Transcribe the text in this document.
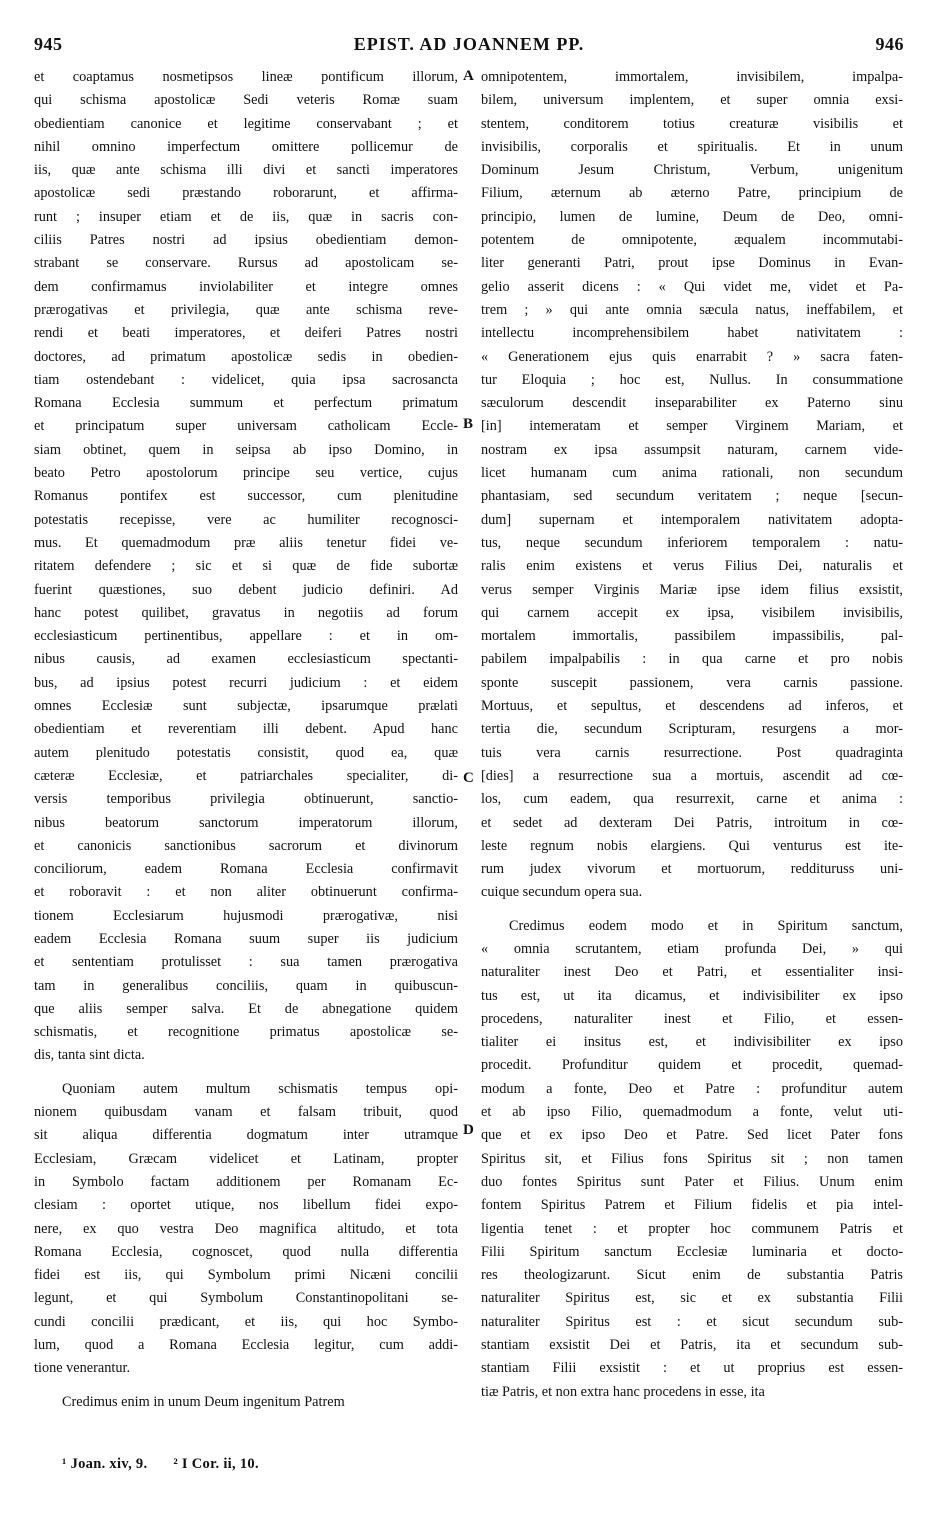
945	EPIST. AD JOANNEM PP.	946
et coaptamus nosmetipsos lineæ pontificum illorum,
qui schisma apostolicæ Sedi veteris Romæ suam
obedientiam canonice et legitime conservabant ; et
nihil omnino imperfectum omittere pollicemur de
iis, quæ ante schisma illi divi et sancti imperatores
apostolicæ sedi præstando roborarunt, et affirma-
runt ; insuper etiam et de iis, quæ in sacris con-
ciliis Patres nostri ad ipsius obedientiam demon-
strabant se conservare. Rursus ad apostolicam se-
dem confirmamus inviolabiliter et integre omnes
prærogativas et privilegia, quæ ante schisma reve-
rendi et beati imperatores, et deiferi Patres nostri
doctores, ad primatum apostolicæ sedis in obedien-
tiam ostendebant : videlicet, quia ipsa sacrosancta
Romana Ecclesia summum et perfectum primatum
et principatum super universam catholicam Eccle-
siam obtinet, quem in seipsa ab ipso Domino, in
beato Petro apostolorum principe seu vertice, cujus
Romanus pontifex est successor, cum plenitudine
potestatis recepisse, vere ac humiliter recognosci-
mus. Et quemadmodum præ aliis tenetur fidei ve-
ritatem defendere ; sic et si quæ de fide subortæ
fuerint quæstiones, suo debent judicio definiri. Ad
hanc potest quilibet, gravatus in negotiis ad forum
ecclesiasticum pertinentibus, appellare : et in om-
nibus causis, ad examen ecclesiasticum spectanti-
bus, ad ipsius potest recurri judicium : et eidem
omnes Ecclesiæ sunt subjectæ, ipsarumque prælati
obedientiam et reverentiam illi debent. Apud hanc
autem plenitudo potestatis consistit, quod ea, quæ
cæteræ Ecclesiæ, et patriarchales specialiter, di-
versis temporibus privilegia obtinuerunt, sanctio-
nibus beatorum sanctorum imperatorum illorum,
et canonicis sanctionibus sacrorum et divinorum
conciliorum, eadem Romana Ecclesia confirmavit
et roboravit : et non aliter obtinuerunt confirma-
tionem Ecclesiarum hujusmodi prærogativæ, nisi
eadem Ecclesia Romana suum super iis judicium
et sententiam protulisset : sua tamen prærogativa
tam in generalibus conciliis, quam in quibuscun-
que aliis semper salva. Et de abnegatione quidem
schismatis, et recognitione primatus apostolicæ se-
dis, tanta sint dicta.
Quoniam autem multum schismatis tempus opi-
nionem quibusdam vanam et falsam tribuit, quod
sit aliqua differentia dogmatum inter utramque
Ecclesiam, Græcam videlicet et Latinam, propter
in Symbolo factam additionem per Romanam Ec-
clesiam : oportet utique, nos libellum fidei expo-
nere, ex quo vestra Deo magnifica altitudo, et tota
Romana Ecclesia, cognoscet, quod nulla differentia
fidei est iis, qui Symbolum primi Nicæni concilii
legunt, et qui Symbolum Constantinopolitani se-
cundi concilii prædicant, et iis, qui hoc Symbo-
lum, quod a Romana Ecclesia legitur, cum addi-
tione venerantur.
Credimus enim in unum Deum ingenitum Patrem
omnipotentem, immortalem, invisibilem, impalpa-
bilem, universum implentem, et super omnia exsi-
stentem, conditorem totius creaturæ visibilis et
invisibilis, corporalis et spiritualis. Et in unum
Dominum Jesum Christum, Verbum, unigenitum
Filium, æternum ab æterno Patre, principium de
principio, lumen de lumine, Deum de Deo, omni-
potentem de omnipotente, æqualem incommutabi-
liter generanti Patri, prout ipse Dominus in Evan-
gelio asserit dicens : « Qui videt me, videt et Pa-
trem ; » qui ante omnia sæcula natus, ineffabilem, et
intellectu incomprehensibilem habet nativitatem :
« Generationem ejus quis enarrabit ? » sacra faten-
tur Eloquia ; hoc est, Nullus. In consummatione
sæculorum descendit inseparabiliter ex Paterno sinu
[in] intemeratam et semper Virginem Mariam, et
nostram ex ipsa assumpsit naturam, carnem vide-
licet humanam cum anima rationali, non secundum
phantasiam, sed secundum veritatem ; neque [secun-
dum] supernam et intemporalem nativitatem adopta-
tus, neque secundum inferiorem temporalem : natu-
ralis enim existens et verus Filius Dei, naturalis et
verus semper Virginis Mariæ ipse idem filius exsistit,
qui carnem accepit ex ipsa, visibilem invisibilis,
mortalem immortalis, passibilem impassibilis, pal-
pabilem impalpabilis : in qua carne et pro nobis
sponte suscepit passionem, vera carnis passione.
Mortuus, et sepultus, et descendens ad inferos, et
tertia die, secundum Scripturam, resurgens a mor-
tuis vera carnis resurrectione. Post quadraginta
[dies] a resurrectione sua a mortuis, ascendit ad cœ-
los, cum eadem, qua resurrexit, carne et anima :
et sedet ad dexteram Dei Patris, introitum in cœ-
leste regnum nobis elargiens. Qui venturus est ite-
rum judex vivorum et mortuorum, reddituruss uni-
cuique secundum opera sua.
Credimus eodem modo et in Spiritum sanctum,
« omnia scrutantem, etiam profunda Dei, » qui
naturaliter inest Deo et Patri, et essentialiter insi-
tus est, ut ita dicamus, et indivisibiliter ex ipso
procedens, naturaliter inest et Filio, et essen-
tialiter ei insitus est, et indivisibiliter ex ipso
procedit. Profunditur quidem et procedit, quemad-
modum a fonte, Deo et Patre : profunditur autem
et ab ipso Filio, quemadmodum a fonte, velut uti-
que et ex ipso Deo et Patre. Sed licet Pater fons
Spiritus sit, et Filius fons Spiritus sit ; non tamen
duo fontes Spiritus sunt Pater et Filius. Unum enim
fontem Spiritus Patrem et Filium fidelis et pia intel-
ligentia tenet : et propter hoc communem Patris et
Filii Spiritum sanctum Ecclesiæ luminaria et docto-
res theologizarunt. Sicut enim de substantia Patris
naturaliter Spiritus est, sic et ex substantia Filii
naturaliter Spiritus est : et sicut secundum sub-
stantiam exsistit Dei et Patris, ita et secundum sub-
stantiam Filii exsistit : et ut proprius est essen-
tiæ Patris, et non extra hanc procedens in esse, ita
A
B
C
D
¹ Joan. xiv, 9. ² I Cor. ii, 10.
